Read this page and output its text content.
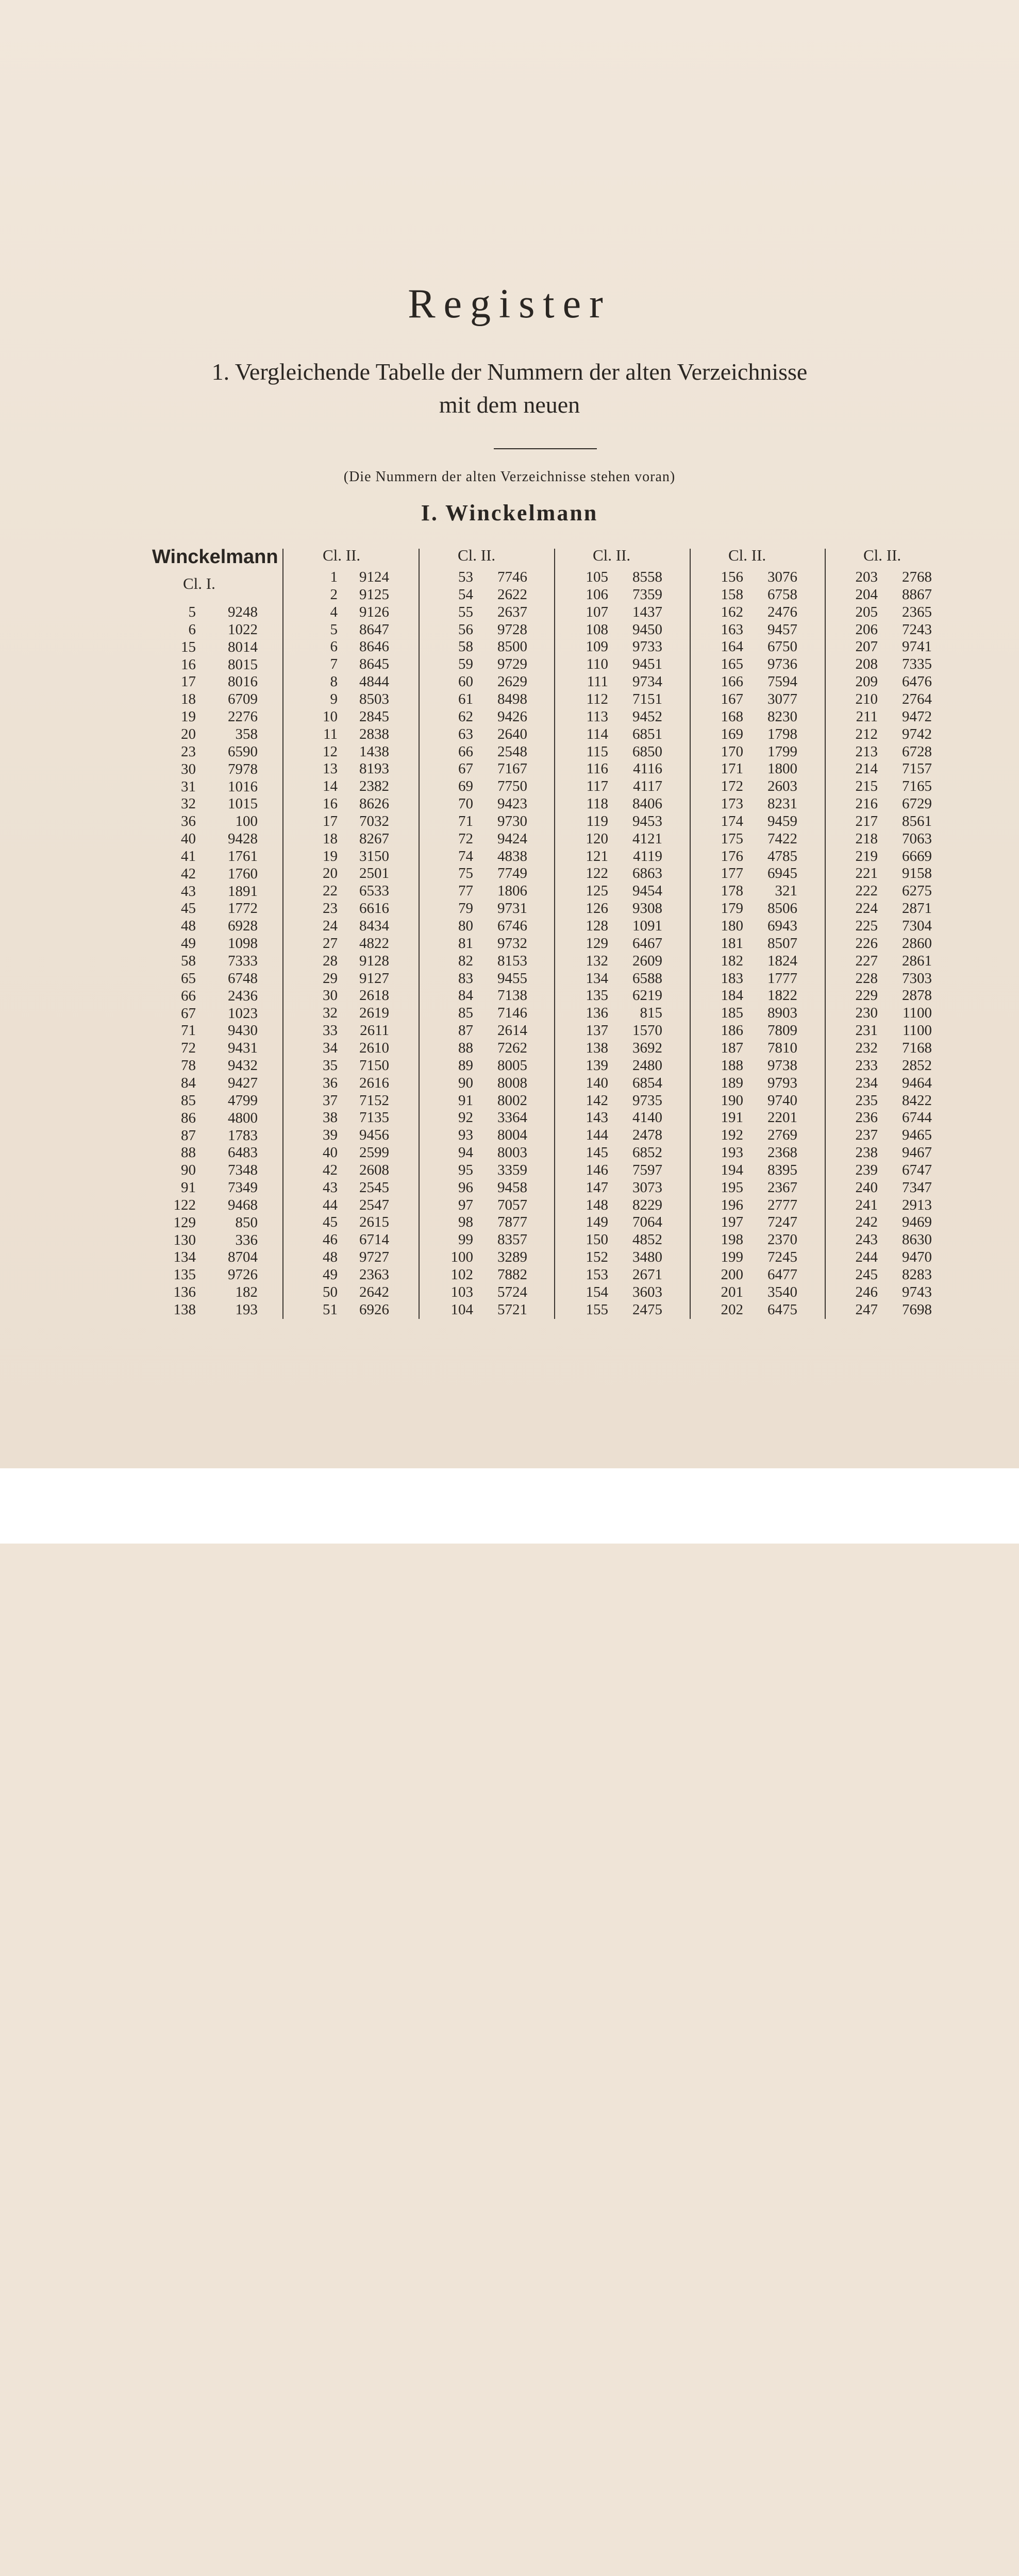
Register
1. Vergleichende Tabelle der Nummern der alten Verzeichnisse
mit dem neuen
(Die Nummern der alten Verzeichnisse stehen voran)
I. Winckelmann
Winckelmann
Cl. I.
Cl. II.	Cl. II.	Cl. II.	Cl. II.	Cl. II.
5	9248
6	1022
15	8014
16	8015
17	8016
18	6709
19	2276
20	358
23	6590
30	7978
31	1016
32	1015
36	100
40	9428
41	1761
42	1760
43	1891
45	1772
48	6928
49	1098
58	7333
65	6748
66	2436
67	1023
71	9430
72	9431
78	9432
84	9427
85	4799
86	4800
87	1783
88	6483
90	7348
91	7349
122	9468
129	850
130	336
134	8704
135	9726
136	182
138	193
1	9124
2	9125
4	9126
5	8647
6	8646
7	8645
8	4844
9	8503
10	2845
11	2838
12	1438
13	8193
14	2382
16	8626
17	7032
18	8267
19	3150
20	2501
22	6533
23	6616
24	8434
27	4822
28	9128
29	9127
30	2618
32	2619
33	2611
34	2610
35	7150
36	2616
37	7152
38	7135
39	9456
40	2599
42	2608
43	2545
44	2547
45	2615
46	6714
48	9727
49	2363
50	2642
51	6926
53	7746
54	2622
55	2637
56	9728
58	8500
59	9729
60	2629
61	8498
62	9426
63	2640
66	2548
67	7167
69	7750
70	9423
71	9730
72	9424
74	4838
75	7749
77	1806
79	9731
80	6746
81	9732
82	8153
83	9455
84	7138
85	7146
87	2614
88	7262
89	8005
90	8008
91	8002
92	3364
93	8004
94	8003
95	3359
96	9458
97	7057
98	7877
99	8357
100	3289
102	7882
103	5724
104	5721
105	8558
106	7359
107	1437
108	9450
109	9733
110	9451
111	9734
112	7151
113	9452
114	6851
115	6850
116	4116
117	4117
118	8406
119	9453
120	4121
121	4119
122	6863
125	9454
126	9308
128	1091
129	6467
132	2609
134	6588
135	6219
136	815
137	1570
138	3692
139	2480
140	6854
142	9735
143	4140
144	2478
145	6852
146	7597
147	3073
148	8229
149	7064
150	4852
152	3480
153	2671
154	3603
155	2475
156	3076
158	6758
162	2476
163	9457
164	6750
165	9736
166	7594
167	3077
168	8230
169	1798
170	1799
171	1800
172	2603
173	8231
174	9459
175	7422
176	4785
177	6945
178	321
179	8506
180	6943
181	8507
182	1824
183	1777
184	1822
185	8903
186	7809
187	7810
188	9738
189	9793
190	9740
191	2201
192	2769
193	2368
194	8395
195	2367
196	2777
197	7247
198	2370
199	7245
200	6477
201	3540
202	6475
203	2768
204	8867
205	2365
206	7243
207	9741
208	7335
209	6476
210	2764
211	9472
212	9742
213	6728
214	7157
215	7165
216	6729
217	8561
218	7063
219	6669
221	9158
222	6275
224	2871
225	7304
226	2860
227	2861
228	7303
229	2878
230	1100
231	1100
232	7168
233	2852
234	9464
235	8422
236	6744
237	9465
238	9467
239	6747
240	7347
241	2913
242	9469
243	8630
244	9470
245	8283
246	9743
247	7698
